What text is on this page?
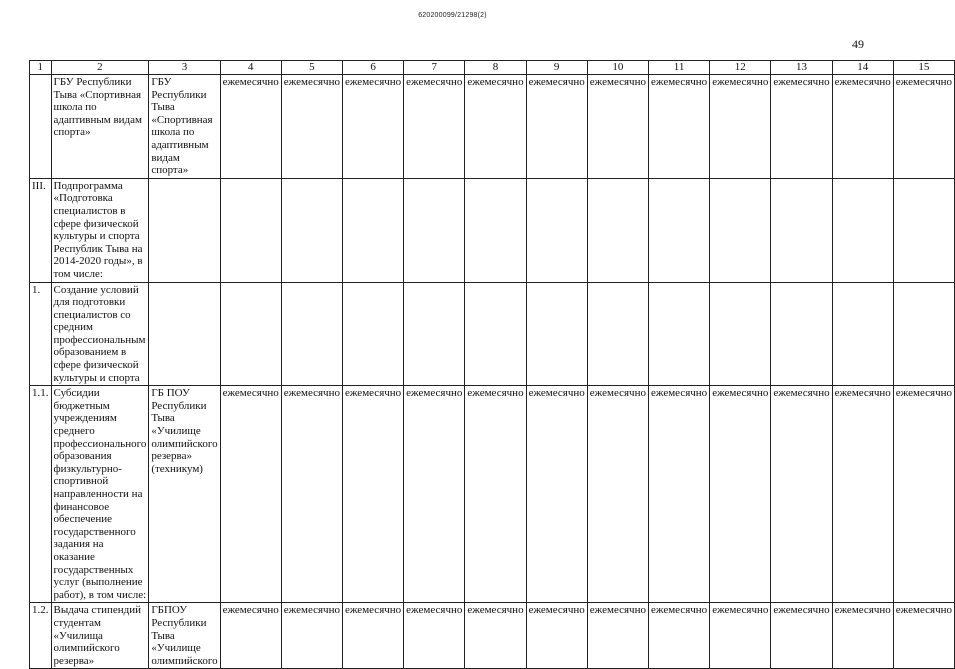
620200099/21298(2)
49
1	2	3	4	5	6	7	8	9	10	11	12	13	14	15
	ГБУ Республики Тыва «Спортивная школа по адаптивным видам спорта»	ГБУ Республики Тыва «Спортивная школа по адаптивным видам спорта»	ежемесячно	ежемесячно	ежемесячно	ежемесячно	ежемесячно	ежемесячно	ежемесячно	ежемесячно	ежемесячно	ежемесячно	ежемесячно	ежемесячно
III.	Подпрограмма «Подготовка специалистов в сфере физической культуры и спорта Республик Тыва на 2014-2020 годы», в том числе:													
1.	Создание условий для подготовки специалистов со средним профессиональным образованием в сфере физической культуры и спорта													
1.1.	Субсидии бюджетным учреждениям среднего профессионального образования физкультурно-спортивной направленности на финансовое обеспечение государственного задания на оказание государственных услуг (выполнение работ), в том числе:	ГБ ПОУ Республики Тыва «Училище олимпийского резерва» (техникум)	ежемесячно	ежемесячно	ежемесячно	ежемесячно	ежемесячно	ежемесячно	ежемесячно	ежемесячно	ежемесячно	ежемесячно	ежемесячно	ежемесячно
1.2.	Выдача стипендий студентам «Училища олимпийского резерва»	ГБПОУ Республики Тыва «Училище олимпийского	ежемесячно	ежемесячно	ежемесячно	ежемесячно	ежемесячно	ежемесячно	ежемесячно	ежемесячно	ежемесячно	ежемесячно	ежемесячно	ежемесячно
